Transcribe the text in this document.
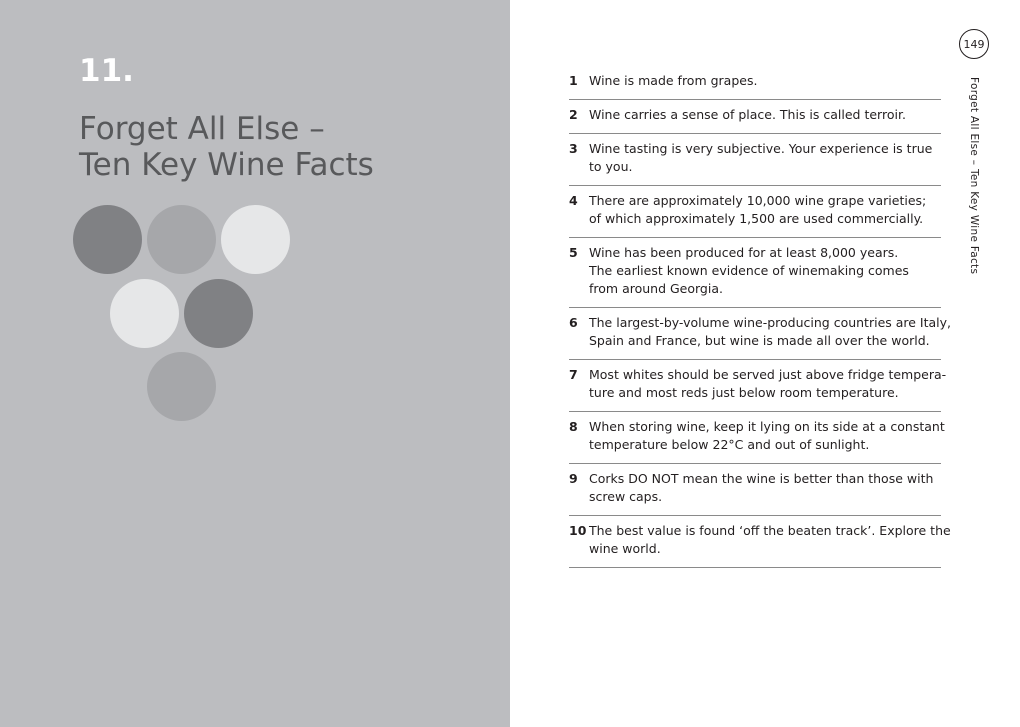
11.
Forget All Else –
Ten Key Wine Facts
149
Forget All Else – Ten Key Wine Facts
1 Wine is made from grapes.
2 Wine carries a sense of place. This is called terroir.
3 Wine tasting is very subjective. Your experience is true
to you.
4 There are approximately 10,000 wine grape varieties;
of which approximately 1,500 are used commercially.
5 Wine has been produced for at least 8,000 years.
The earliest known evidence of winemaking comes
from around Georgia.
6 The largest-by-volume wine-producing countries are Italy,
Spain and France, but wine is made all over the world.
7 Most whites should be served just above fridge tempera-
ture and most reds just below room temperature.
8 When storing wine, keep it lying on its side at a constant
temperature below 22°C and out of sunlight.
9 Corks DO NOT mean the wine is better than those with
screw caps.
10 The best value is found ‘off the beaten track’. Explore the
wine world.
